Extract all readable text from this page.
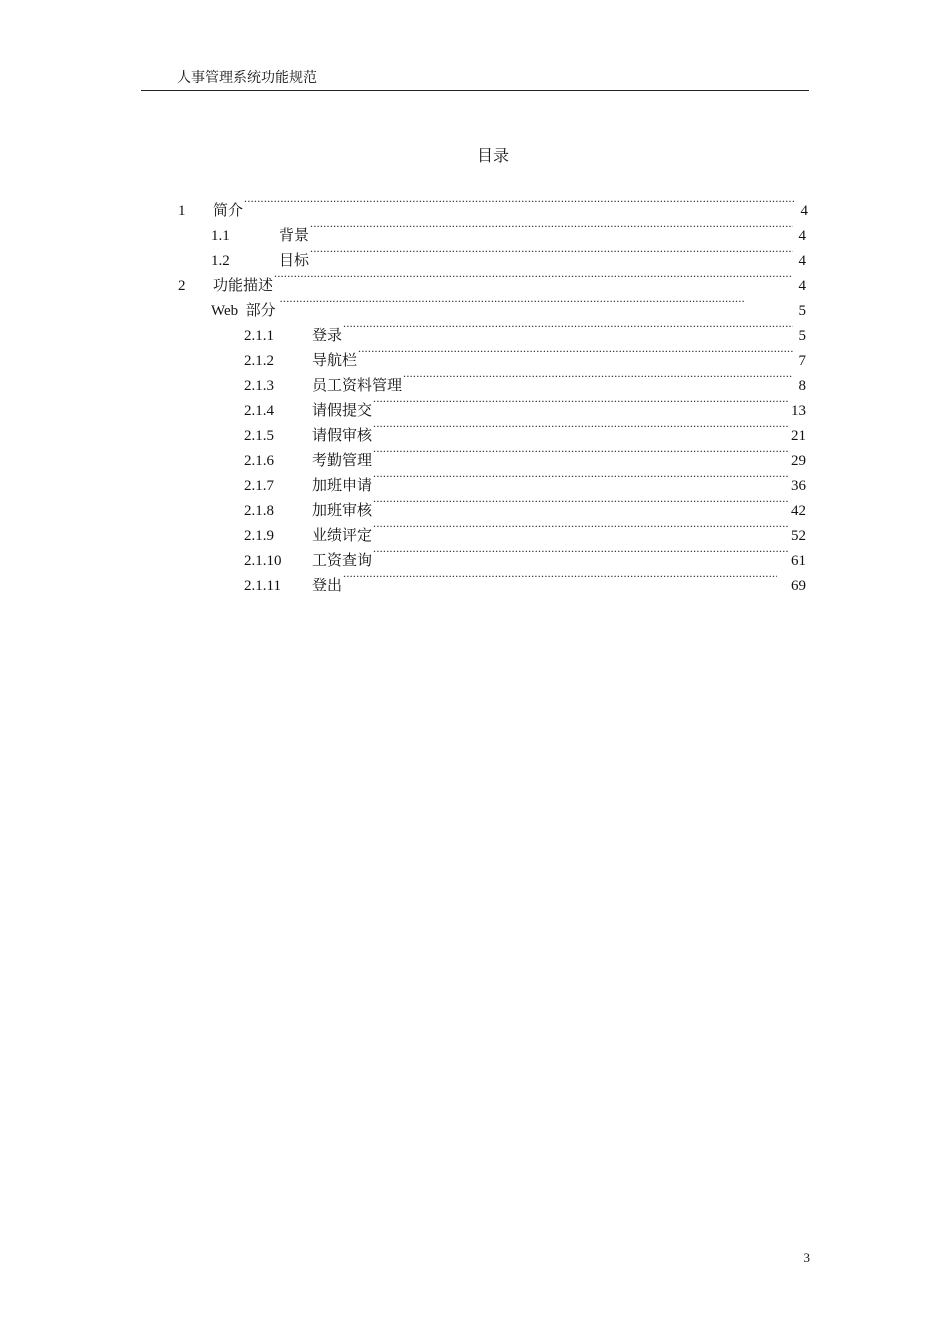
人事管理系统功能规范
目录
1	简介 .....	4
1.1	背景 .....	4
1.2	目标 .....	4
2	功能描述 .....	4
Web  部分 .....	5
2.1.1	登录 .....	5
2.1.2	导航栏 .....	7
2.1.3	员工资料管理 .....	8
2.1.4	请假提交 .....	13
2.1.5	请假审核 .....	21
2.1.6	考勤管理 .....	29
2.1.7	加班申请 .....	36
2.1.8	加班审核 .....	42
2.1.9	业绩评定 .....	52
2.1.10	工资查询 .....	61
2.1.11	登出 .....	69
3
